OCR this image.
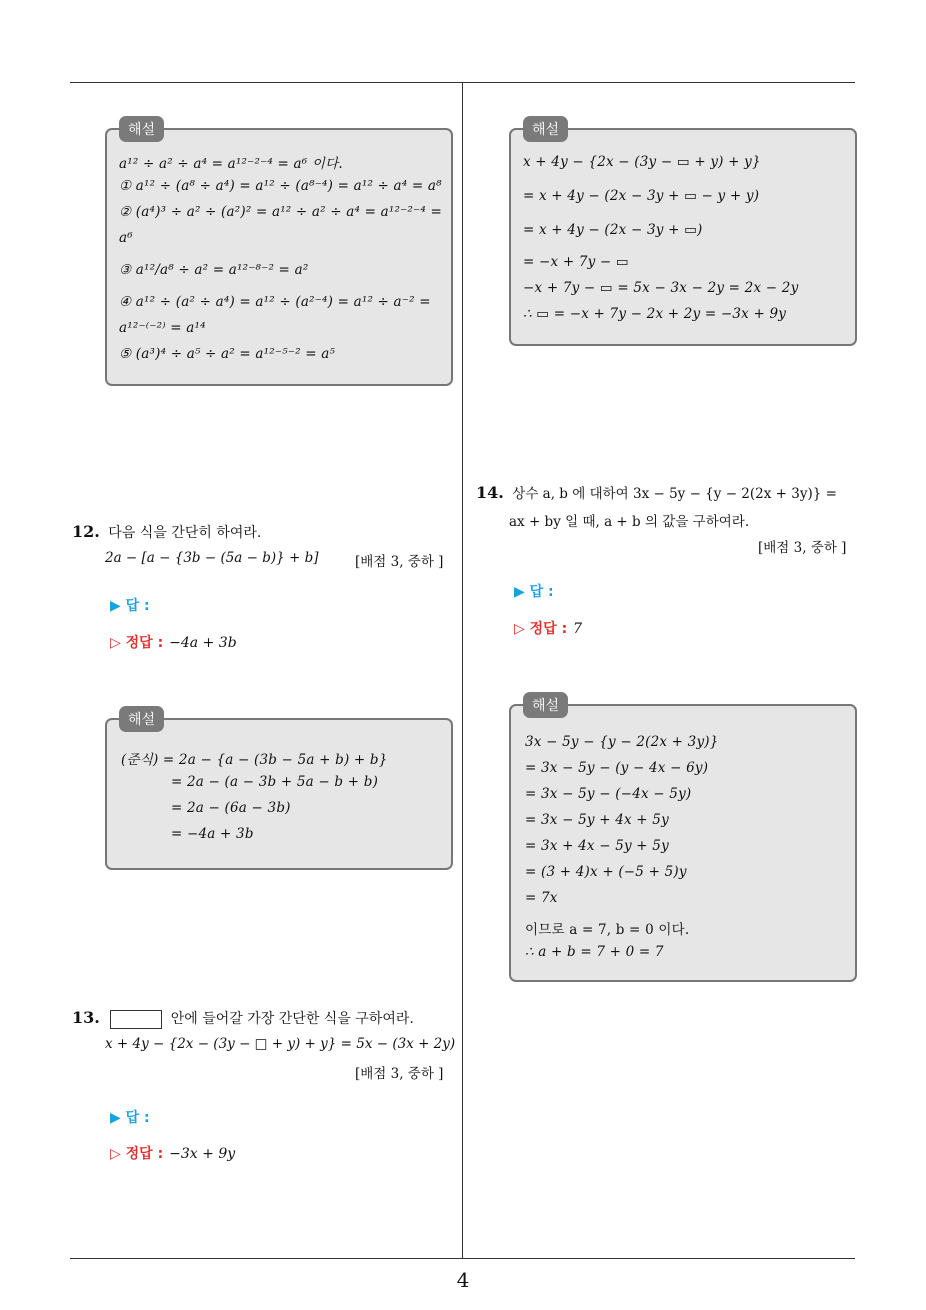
해설
a¹² ÷ a² ÷ a⁴ = a¹²⁻²⁻⁴ = a⁶ 이다.
① a¹² ÷ (a⁸ ÷ a⁴) = a¹² ÷ (a⁸⁻⁴) = a¹² ÷ a⁴ = a⁸
② (a⁴)³ ÷ a² ÷ (a²)² = a¹² ÷ a² ÷ a⁴ = a¹²⁻²⁻⁴ =
a⁶
③ a¹²/a⁸ ÷ a² = a¹²⁻⁸⁻² = a²
④ a¹² ÷ (a² ÷ a⁴) = a¹² ÷ (a²⁻⁴) = a¹² ÷ a⁻² =
a¹²⁻⁽⁻²⁾ = a¹⁴
⑤ (a³)⁴ ÷ a⁵ ÷ a² = a¹²⁻⁵⁻² = a⁵
12. 다음 식을 간단히 하여라.
2a − [a − {3b − (5a − b)} + b]	[배점 3, 중하 ]
▶ 답 :
▷ 정답 : −4a + 3b
해설
(준식) = 2a − {a − (3b − 5a + b) + b}
= 2a − (a − 3b + 5a − b + b)
= 2a − (6a − 3b)
= −4a + 3b
13.	안에 들어갈 가장 간단한 식을 구하여라.
x + 4y − {2x − (3y − □ + y) + y} = 5x − (3x + 2y)
[배점 3, 중하 ]
▶ 답 :
▷ 정답 : −3x + 9y
해설
x + 4y − {2x − (3y − ▭ + y) + y}
= x + 4y − (2x − 3y + ▭ − y + y)
= x + 4y − (2x − 3y + ▭)
= −x + 7y − ▭
−x + 7y − ▭ = 5x − 3x − 2y = 2x − 2y
∴ ▭ = −x + 7y − 2x + 2y = −3x + 9y
14. 상수 a, b 에 대하여 3x − 5y − {y − 2(2x + 3y)} =
ax + by 일 때, a + b 의 값을 구하여라.
[배점 3, 중하 ]
▶ 답 :
▷ 정답 : 7
해설
3x − 5y − {y − 2(2x + 3y)}
= 3x − 5y − (y − 4x − 6y)
= 3x − 5y − (−4x − 5y)
= 3x − 5y + 4x + 5y
= 3x + 4x − 5y + 5y
= (3 + 4)x + (−5 + 5)y
= 7x
이므로 a = 7, b = 0 이다.
∴ a + b = 7 + 0 = 7
4
